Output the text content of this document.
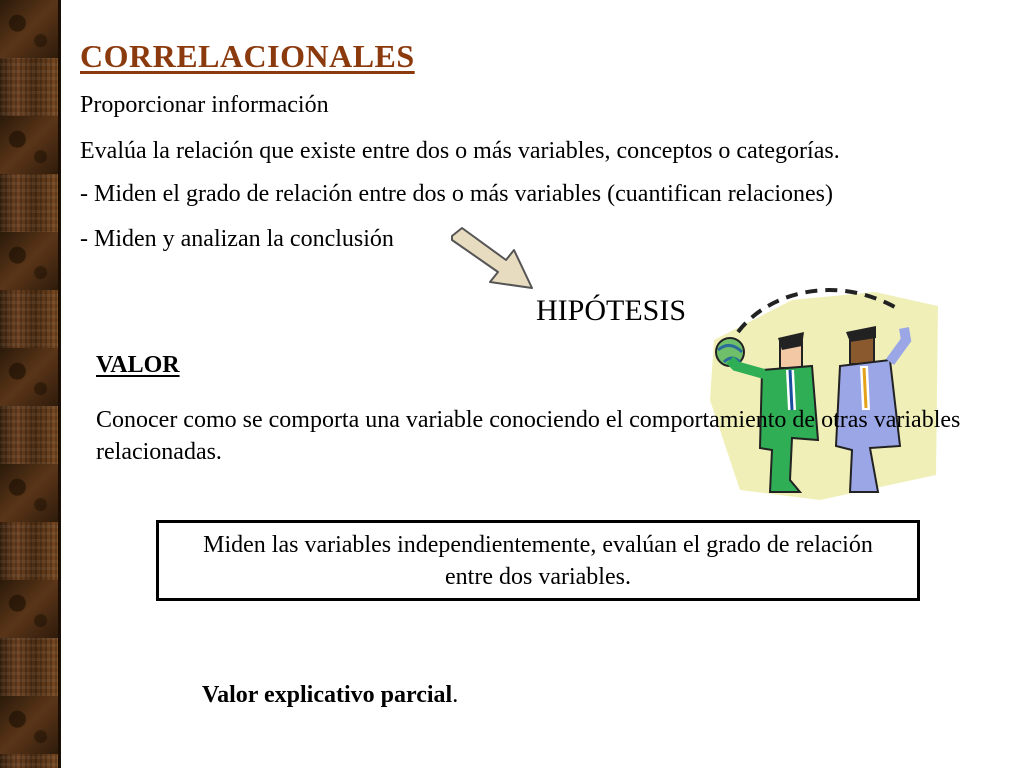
CORRELACIONALES
Proporcionar información
Evalúa la relación que existe entre dos o más variables, conceptos o categorías.
- Miden el grado de relación entre dos o más variables (cuantifican relaciones)
- Miden y analizan la conclusión
HIPÓTESIS
VALOR
Conocer como se comporta una variable conociendo el comportamiento de otras variables relacionadas.
Miden las variables independientemente, evalúan el grado de relación entre dos variables.
Valor explicativo parcial.
